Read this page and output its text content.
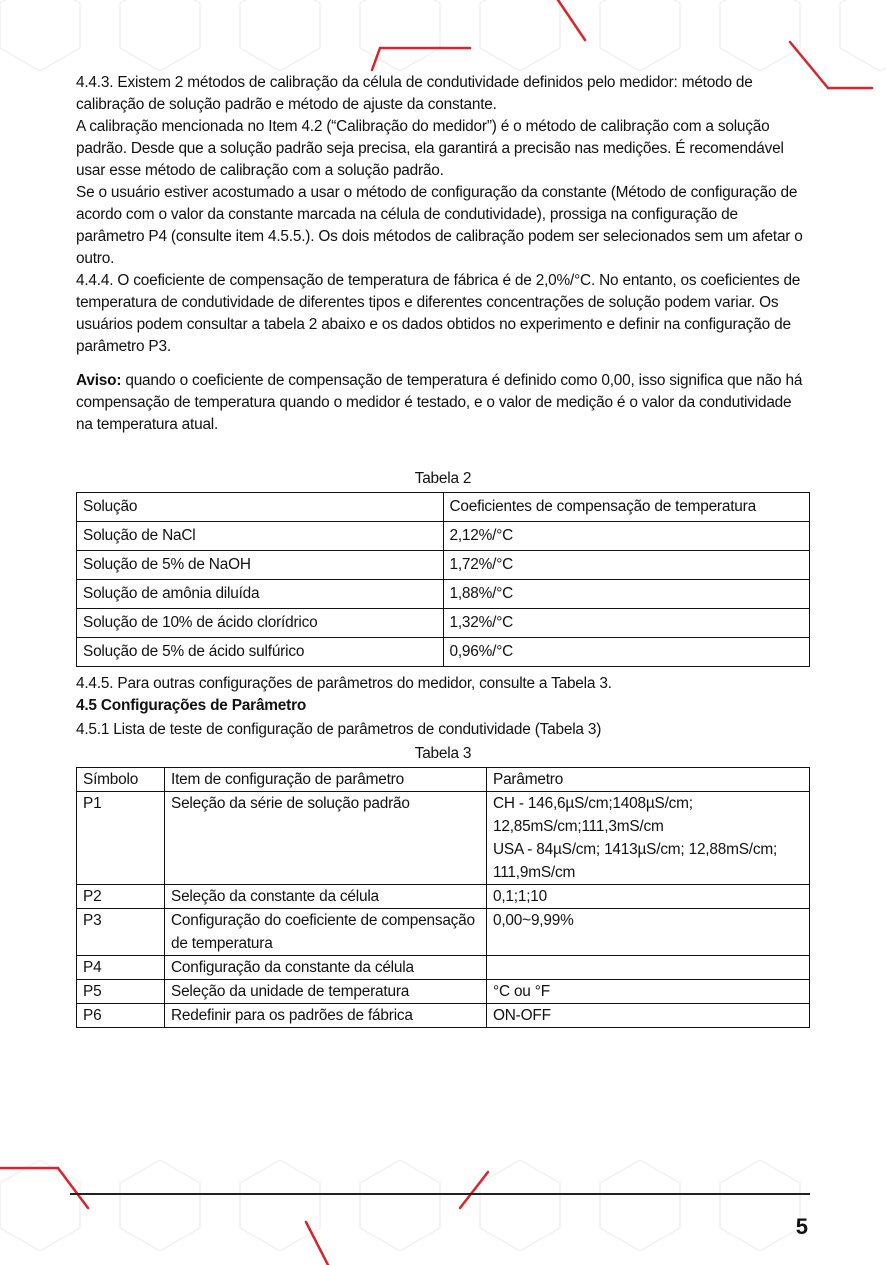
4.4.3. Existem 2 métodos de calibração da célula de condutividade definidos pelo medidor: método de calibração de solução padrão e método de ajuste da constante.

A calibração mencionada no Item 4.2 (“Calibração do medidor”) é o método de calibração com a solução padrão. Desde que a solução padrão seja precisa, ela garantirá a precisão nas medições. É recomendável usar esse método de calibração com a solução padrão.

Se o usuário estiver acostumado a usar o método de configuração da constante (Método de configuração de acordo com o valor da constante marcada na célula de condutividade), prossiga na configuração de parâmetro P4 (consulte item 4.5.5.). Os dois métodos de calibração podem ser selecionados sem um afetar o outro.

4.4.4. O coeficiente de compensação de temperatura de fábrica é de 2,0%/°C. No entanto, os coeficientes de temperatura de condutividade de diferentes tipos e diferentes concentrações de solução podem variar. Os usuários podem consultar a tabela 2 abaixo e os dados obtidos no experimento e definir na configuração de parâmetro P3.

Aviso: quando o coeficiente de compensação de temperatura é definido como 0,00, isso significa que não há compensação de temperatura quando o medidor é testado, e o valor de medição é o valor da condutividade na temperatura atual.

Tabela 2
Solução	Coeficientes de compensação de temperatura
Solução de NaCl	2,12%/°C
Solução de 5% de NaOH	1,72%/°C
Solução de amônia diluída	1,88%/°C
Solução de 10% de ácido clorídrico	1,32%/°C
Solução de 5% de ácido sulfúrico	0,96%/°C

4.4.5. Para outras configurações de parâmetros do medidor, consulte a Tabela 3.

4.5 Configurações de Parâmetro

4.5.1 Lista de teste de configuração de parâmetros de condutividade (Tabela 3)

Tabela 3
Símbolo	Item de configuração de parâmetro	Parâmetro
P1	Seleção da série de solução padrão	CH - 146,6µS/cm;1408µS/cm; 12,85mS/cm;111,3mS/cm
USA - 84µS/cm; 1413µS/cm; 12,88mS/cm; 111,9mS/cm
P2	Seleção da constante da célula	0,1;1;10
P3	Configuração do coeficiente de compensação de temperatura	0,00~9,99%
P4	Configuração da constante da célula	
P5	Seleção da unidade de temperatura	°C ou °F
P6	Redefinir para os padrões de fábrica	ON-OFF
5
